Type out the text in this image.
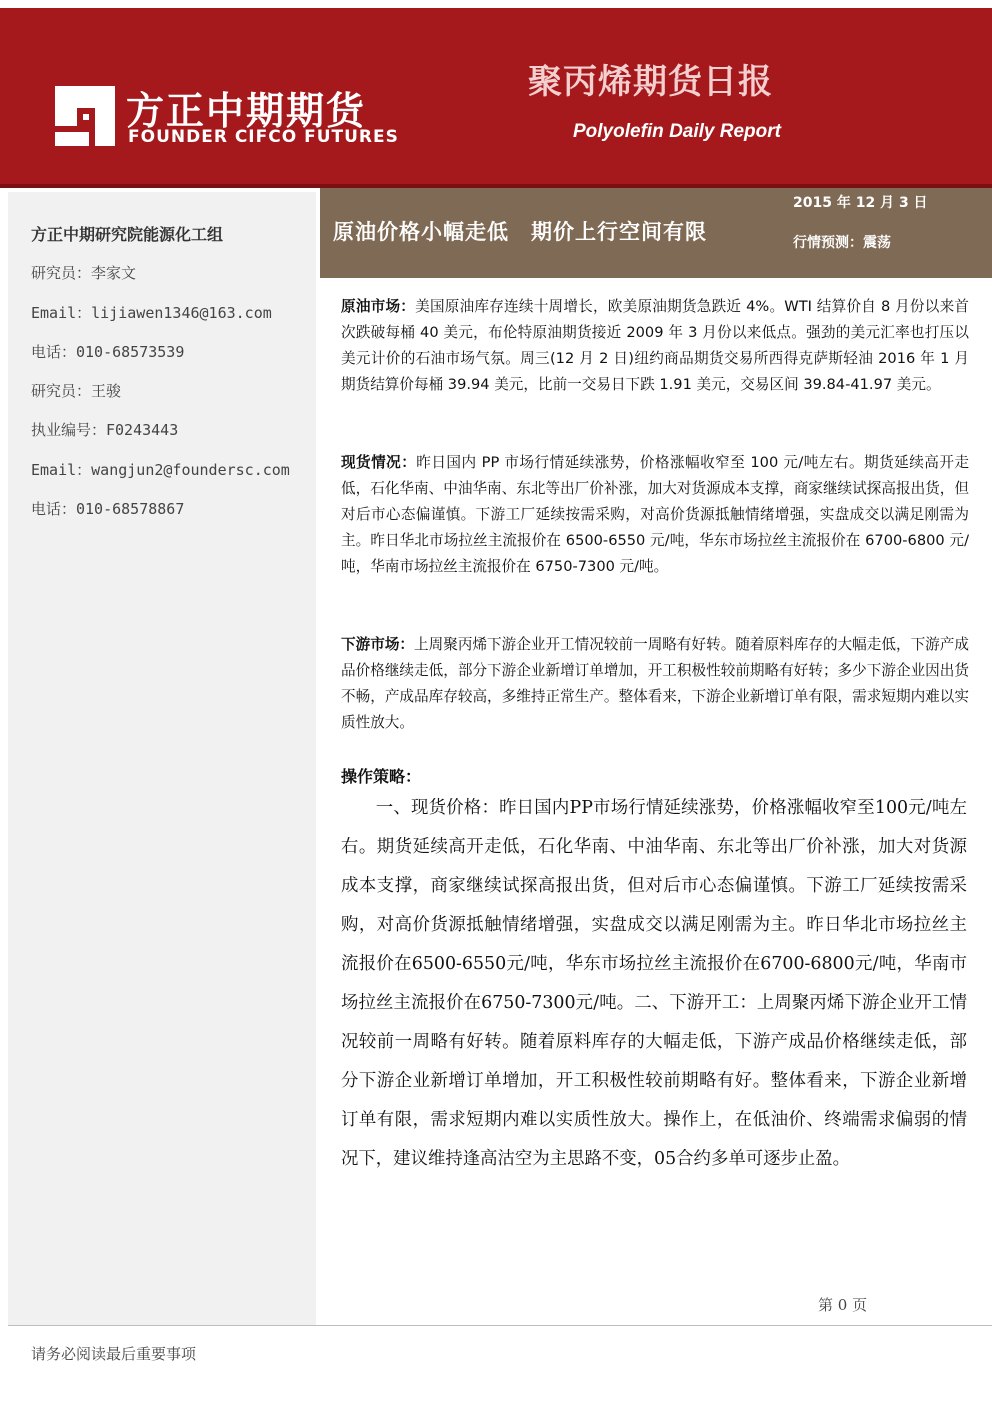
方正中期期货
FOUNDER CIFCO FUTURES
聚丙烯期货日报
Polyolefin Daily Report
方正中期研究院能源化工组
研究员：李家文
Email：lijiawen1346@163.com
电话：010-68573539
研究员：王骏
执业编号：F0243443
Email：wangjun2@foundersc.com
电话：010-68578867
原油价格小幅走低　期价上行空间有限
2015 年 12 月 3 日
行情预测：震荡

原油市场：美国原油库存连续十周增长，欧美原油期货急跌近 4%。WTI 结算价自 8 月份以来首次跌破每桶 40 美元，布伦特原油期货接近 2009 年 3 月份以来低点。强劲的美元汇率也打压以美元计价的石油市场气氛。周三(12 月 2 日)纽约商品期货交易所西得克萨斯轻油 2016 年 1 月期货结算价每桶 39.94 美元，比前一交易日下跌 1.91 美元，交易区间 39.84-41.97 美元。

现货情况：昨日国内 PP 市场行情延续涨势，价格涨幅收窄至 100 元/吨左右。期货延续高开走低，石化华南、中油华南、东北等出厂价补涨，加大对货源成本支撑，商家继续试探高报出货，但对后市心态偏谨慎。下游工厂延续按需采购，对高价货源抵触情绪增强，实盘成交以满足刚需为主。昨日华北市场拉丝主流报价在 6500-6550 元/吨，华东市场拉丝主流报价在 6700-6800 元/吨，华南市场拉丝主流报价在 6750-7300 元/吨。

下游市场：上周聚丙烯下游企业开工情况较前一周略有好转。随着原料库存的大幅走低，下游产成品价格继续走低，部分下游企业新增订单增加，开工积极性较前期略有好转；多少下游企业因出货不畅，产成品库存较高，多维持正常生产。整体看来，下游企业新增订单有限，需求短期内难以实质性放大。

操作策略：

一、现货价格：昨日国内PP市场行情延续涨势，价格涨幅收窄至100元/吨左右。期货延续高开走低，石化华南、中油华南、东北等出厂价补涨，加大对货源成本支撑，商家继续试探高报出货，但对后市心态偏谨慎。下游工厂延续按需采购，对高价货源抵触情绪增强，实盘成交以满足刚需为主。昨日华北市场拉丝主流报价在6500-6550元/吨，华东市场拉丝主流报价在6700-6800元/吨，华南市场拉丝主流报价在6750-7300元/吨。二、下游开工：上周聚丙烯下游企业开工情况较前一周略有好转。随着原料库存的大幅走低，下游产成品价格继续走低，部分下游企业新增订单增加，开工积极性较前期略有好。整体看来，下游企业新增订单有限，需求短期内难以实质性放大。操作上，在低油价、终端需求偏弱的情况下，建议维持逢高沽空为主思路不变，05合约多单可逐步止盈。

第 0 页
请务必阅读最后重要事项
